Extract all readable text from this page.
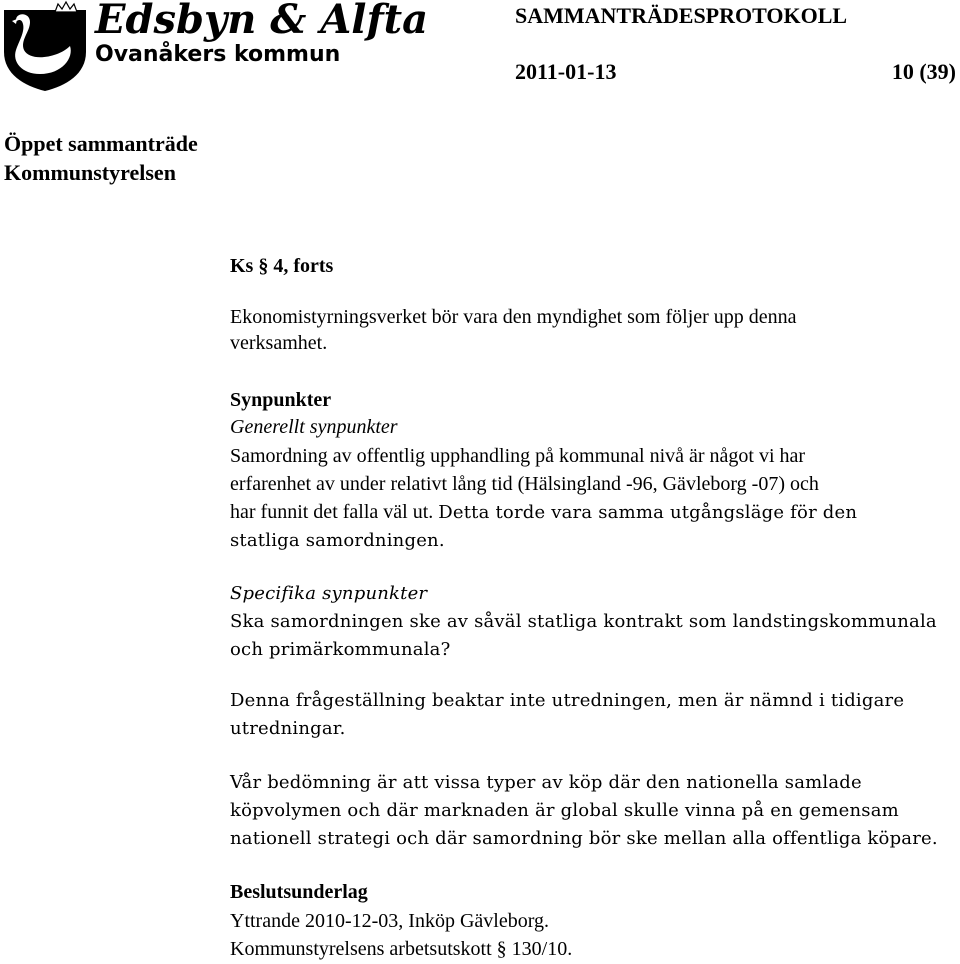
Edsbyn & Alfta
Ovanåkers kommun
SAMMANTRÄDESPROTOKOLL
2011-01-13	10 (39)
Öppet sammanträde
Kommunstyrelsen
Ks § 4, forts
Ekonomistyrningsverket bör vara den myndighet som följer upp denna
verksamhet.
Synpunkter
Generellt synpunkter
Samordning av offentlig upphandling på kommunal nivå är något vi har
erfarenhet av under relativt lång tid (Hälsingland -96, Gävleborg -07) och
har funnit det falla väl ut. Detta torde vara samma utgångsläge för den
statliga samordningen.
Specifika synpunkter
Ska samordningen ske av såväl statliga kontrakt som landstingskommunala
och primärkommunala?
Denna frågeställning beaktar inte utredningen, men är nämnd i tidigare
utredningar.
Vår bedömning är att vissa typer av köp där den nationella samlade
köpvolymen och där marknaden är global skulle vinna på en gemensam
nationell strategi och där samordning bör ske mellan alla offentliga köpare.
Beslutsunderlag
Yttrande 2010-12-03, Inköp Gävleborg.
Kommunstyrelsens arbetsutskott § 130/10.
